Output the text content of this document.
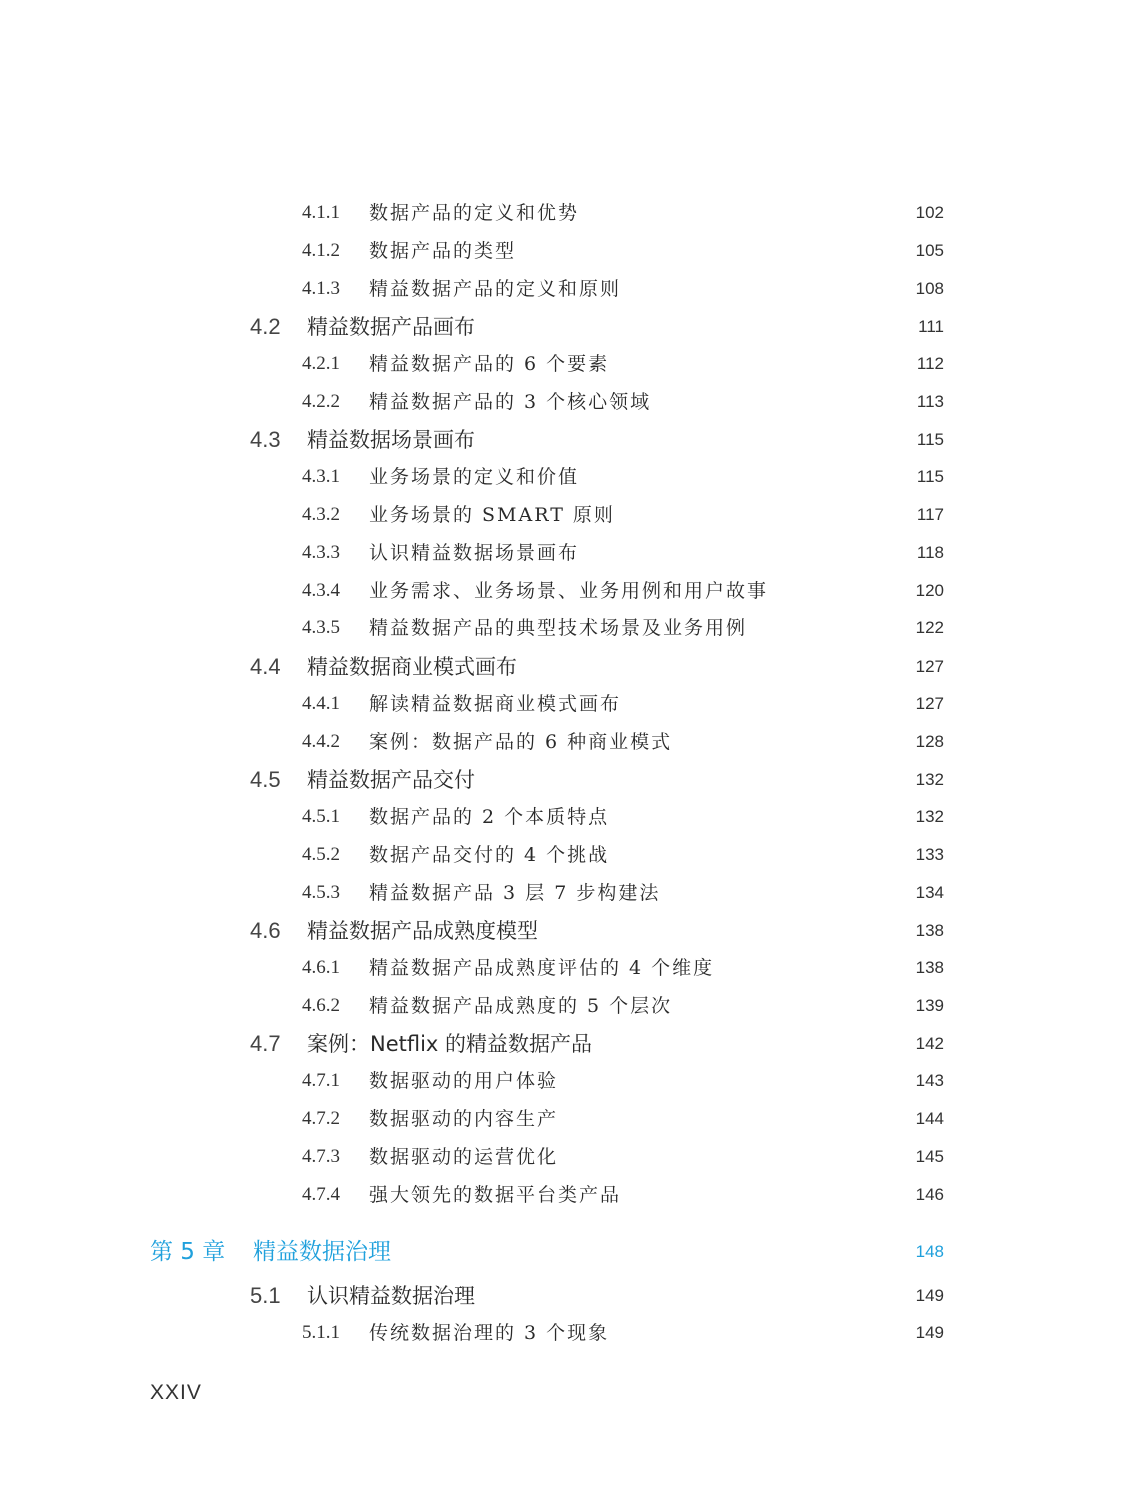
4.1.1 数据产品的定义和优势	102
4.1.2 数据产品的类型	105
4.1.3 精益数据产品的定义和原则	108
4.2 精益数据产品画布	111
4.2.1 精益数据产品的 6 个要素	112
4.2.2 精益数据产品的 3 个核心领域	113
4.3 精益数据场景画布	115
4.3.1 业务场景的定义和价值	115
4.3.2 业务场景的 SMART 原则	117
4.3.3 认识精益数据场景画布	118
4.3.4 业务需求、业务场景、业务用例和用户故事	120
4.3.5 精益数据产品的典型技术场景及业务用例	122
4.4 精益数据商业模式画布	127
4.4.1 解读精益数据商业模式画布	127
4.4.2 案例：数据产品的 6 种商业模式	128
4.5 精益数据产品交付	132
4.5.1 数据产品的 2 个本质特点	132
4.5.2 数据产品交付的 4 个挑战	133
4.5.3 精益数据产品 3 层 7 步构建法	134
4.6 精益数据产品成熟度模型	138
4.6.1 精益数据产品成熟度评估的 4 个维度	138
4.6.2 精益数据产品成熟度的 5 个层次	139
4.7 案例：Netflix 的精益数据产品	142
4.7.1 数据驱动的用户体验	143
4.7.2 数据驱动的内容生产	144
4.7.3 数据驱动的运营优化	145
4.7.4 强大领先的数据平台类产品	146
第 5 章 精益数据治理	148
5.1 认识精益数据治理	149
5.1.1 传统数据治理的 3 个现象	149
XXIV
